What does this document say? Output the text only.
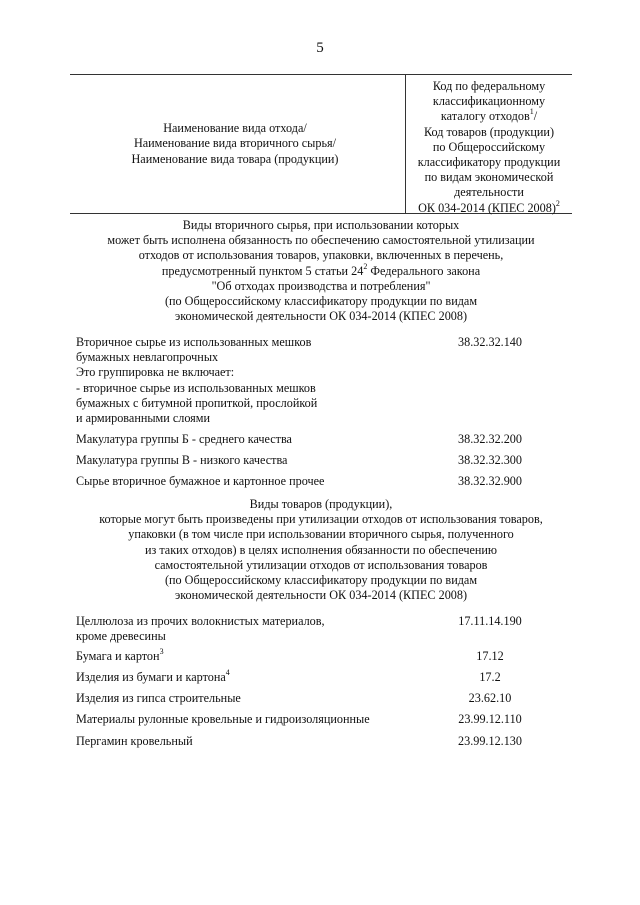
5
Наименование вида отхода/
Наименование вида вторичного сырья/
Наименование вида товара (продукции)
Код по федеральному
классификационному
каталогу отходов$^1$/
Код товаров (продукции)
по Общероссийскому
классификатору продукции
по видам экономической
деятельности
ОК 034-2014 (КПЕС 2008)$^2$
Виды вторичного сырья, при использовании которых
может быть исполнена обязанность по обеспечению самостоятельной утилизации
отходов от использования товаров, упаковки, включенных в перечень,
предусмотренный пунктом 5 статьи $24^2$ Федерального закона
"Об отходах производства и потребления"
(по Общероссийскому классификатору продукции по видам
экономической деятельности ОК 034-2014 (КПЕС 2008)
Вторичное сырье из использованных мешков
бумажных невлагопрочных
Это группировка не включает:
- вторичное сырье из использованных мешков
бумажных с битумной пропиткой, прослойкой
и армированными слоями
38.32.32.140
Макулатура группы Б - среднего качества	38.32.32.200
Макулатура группы В - низкого качества	38.32.32.300
Сырье вторичное бумажное и картонное прочее	38.32.32.900
Виды товаров (продукции),
которые могут быть произведены при утилизации отходов от использования товаров,
упаковки (в том числе при использовании вторичного сырья, полученного
из таких отходов) в целях исполнения обязанности по обеспечению
самостоятельной утилизации отходов от использования товаров
(по Общероссийскому классификатору продукции по видам
экономической деятельности ОК 034-2014 (КПЕС 2008)
Целлюлоза из прочих волокнистых материалов,
кроме древесины
17.11.14.190
Бумага и картон$^3$	17.12
Изделия из бумаги и картона$^4$	17.2
Изделия из гипса строительные	23.62.10
Материалы рулонные кровельные и гидроизоляционные	23.99.12.110
Пергамин кровельный	23.99.12.130
